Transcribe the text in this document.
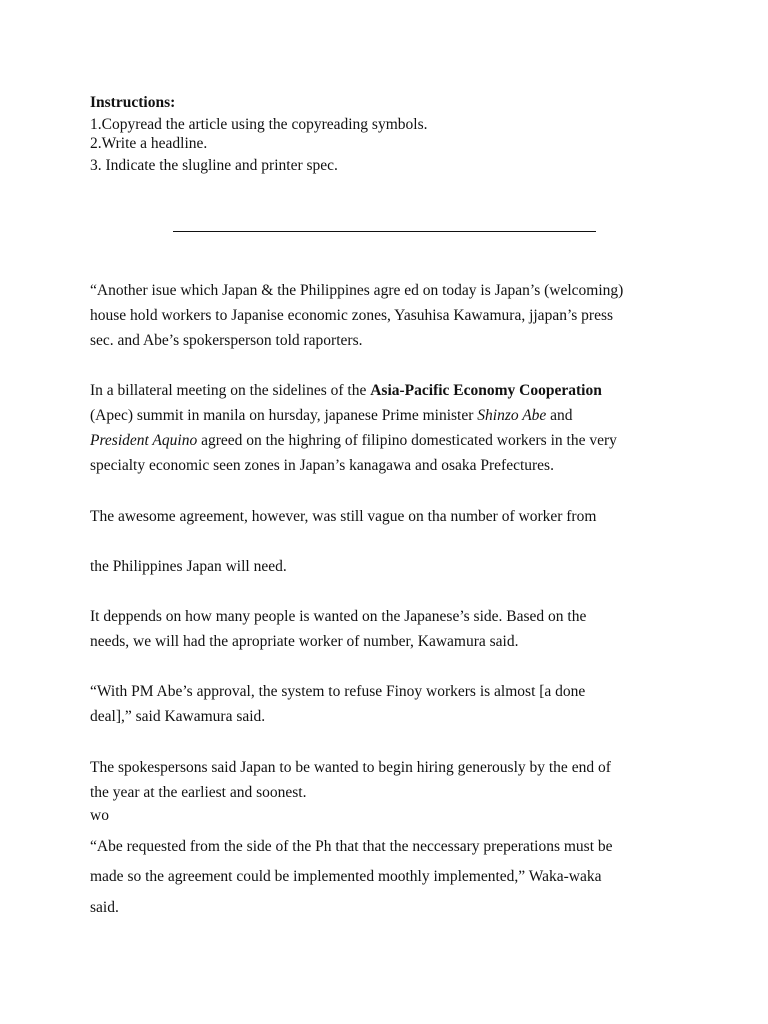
Instructions:
1.Copyread the article using the copyreading symbols.
2.Write a headline.
3. Indicate the slugline and printer spec.
“Another isue which Japan & the Philippines agre ed on today is Japan’s (welcoming)
house hold workers to Japanise economic zones, Yasuhisa Kawamura, jjapan’s press
sec. and Abe’s spokersperson told raporters.
In a billateral meeting on the sidelines of the Asia-Pacific Economy Cooperation
(Apec) summit in manila on hursday, japanese Prime minister Shinzo Abe and
President Aquino agreed on the highring of filipino domesticated workers in the very
specialty economic seen zones in Japan’s kanagawa and osaka Prefectures.
The awesome agreement, however, was still vague on tha number of worker from
the Philippines Japan will need.
It deppends on how many people is wanted on the Japanese’s side. Based on the
needs, we will had the apropriate worker of number, Kawamura said.
“With PM Abe’s approval, the system to refuse Finoy workers is almost [a done
deal],” said Kawamura said.
The spokespersons said Japan to be wanted to begin hiring generously by the end of
the year at the earliest and soonest.
wo
“Abe requested from the side of the Ph that that the neccessary preperations must be
made so the agreement could be implemented moothly implemented,” Waka-waka
said.
